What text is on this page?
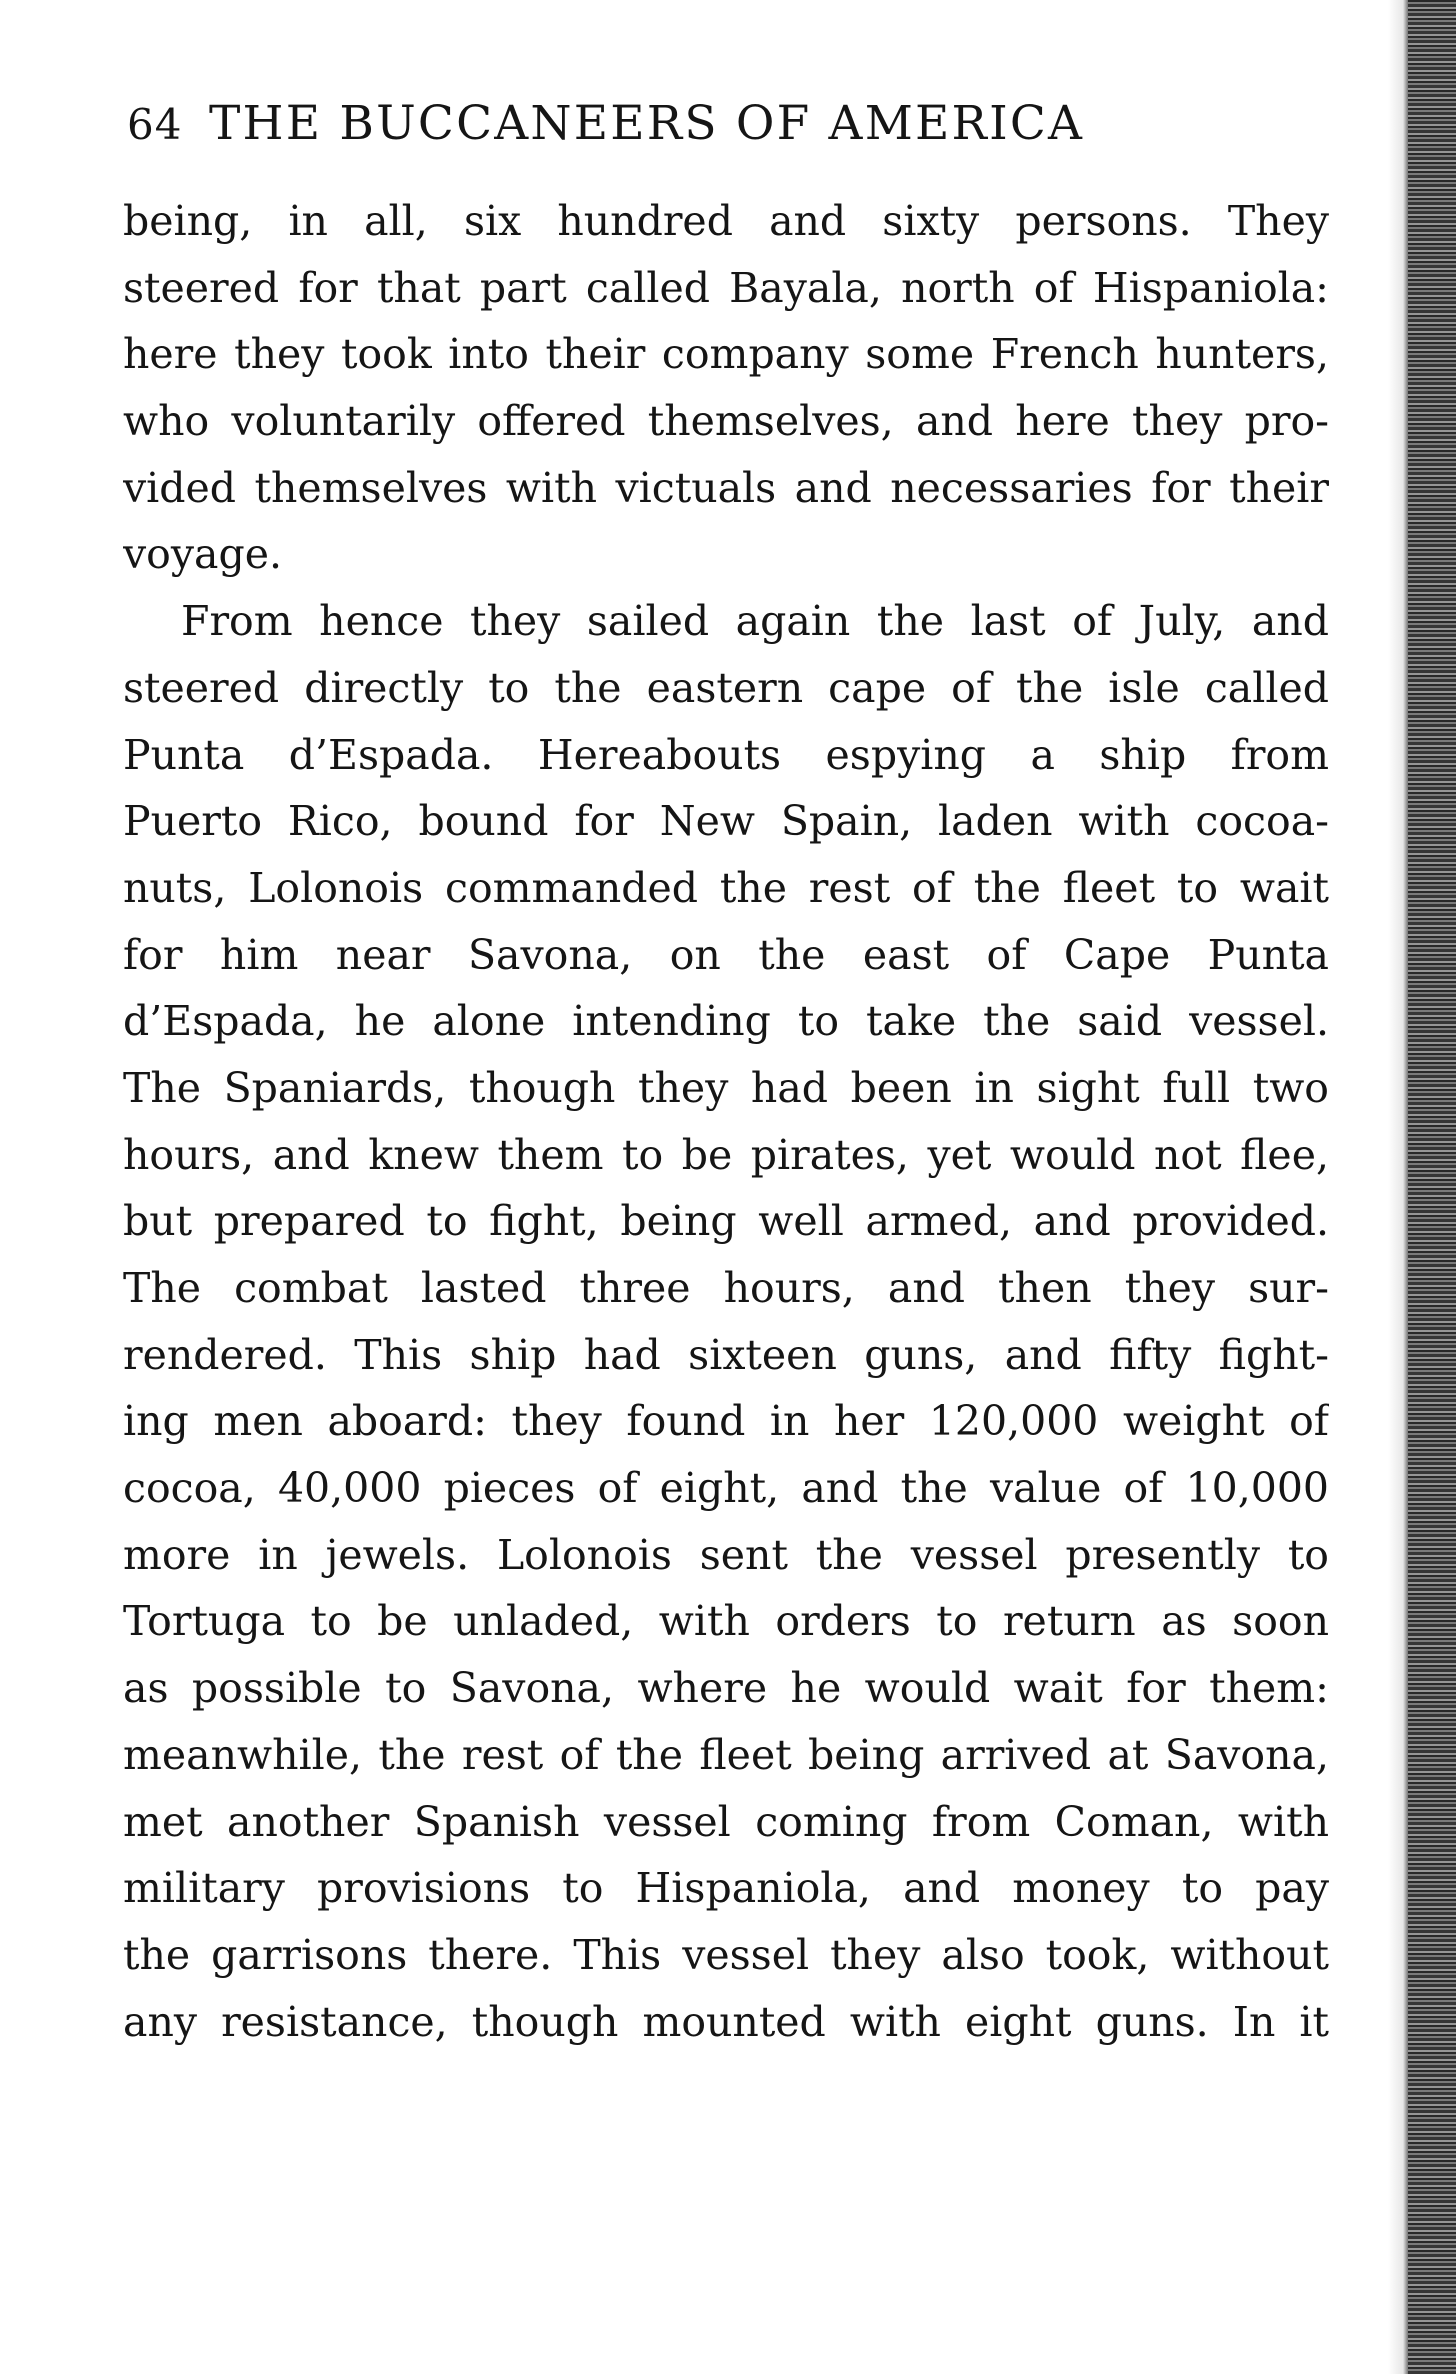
64 THE BUCCANEERS OF AMERICA
being, in all, six hundred and sixty persons. They
steered for that part called Bayala, north of Hispaniola:
here they took into their company some French hunters,
who voluntarily offered themselves, and here they pro-
vided themselves with victuals and necessaries for their
voyage.
From hence they sailed again the last of July, and
steered directly to the eastern cape of the isle called
Punta d’Espada. Hereabouts espying a ship from
Puerto Rico, bound for New Spain, laden with cocoa-
nuts, Lolonois commanded the rest of the fleet to wait
for him near Savona, on the east of Cape Punta
d’Espada, he alone intending to take the said vessel.
The Spaniards, though they had been in sight full two
hours, and knew them to be pirates, yet would not flee,
but prepared to fight, being well armed, and provided.
The combat lasted three hours, and then they sur-
rendered. This ship had sixteen guns, and fifty fight-
ing men aboard: they found in her 120,000 weight of
cocoa, 40,000 pieces of eight, and the value of 10,000
more in jewels. Lolonois sent the vessel presently to
Tortuga to be unladed, with orders to return as soon
as possible to Savona, where he would wait for them:
meanwhile, the rest of the fleet being arrived at Savona,
met another Spanish vessel coming from Coman, with
military provisions to Hispaniola, and money to pay
the garrisons there. This vessel they also took, without
any resistance, though mounted with eight guns. In it
